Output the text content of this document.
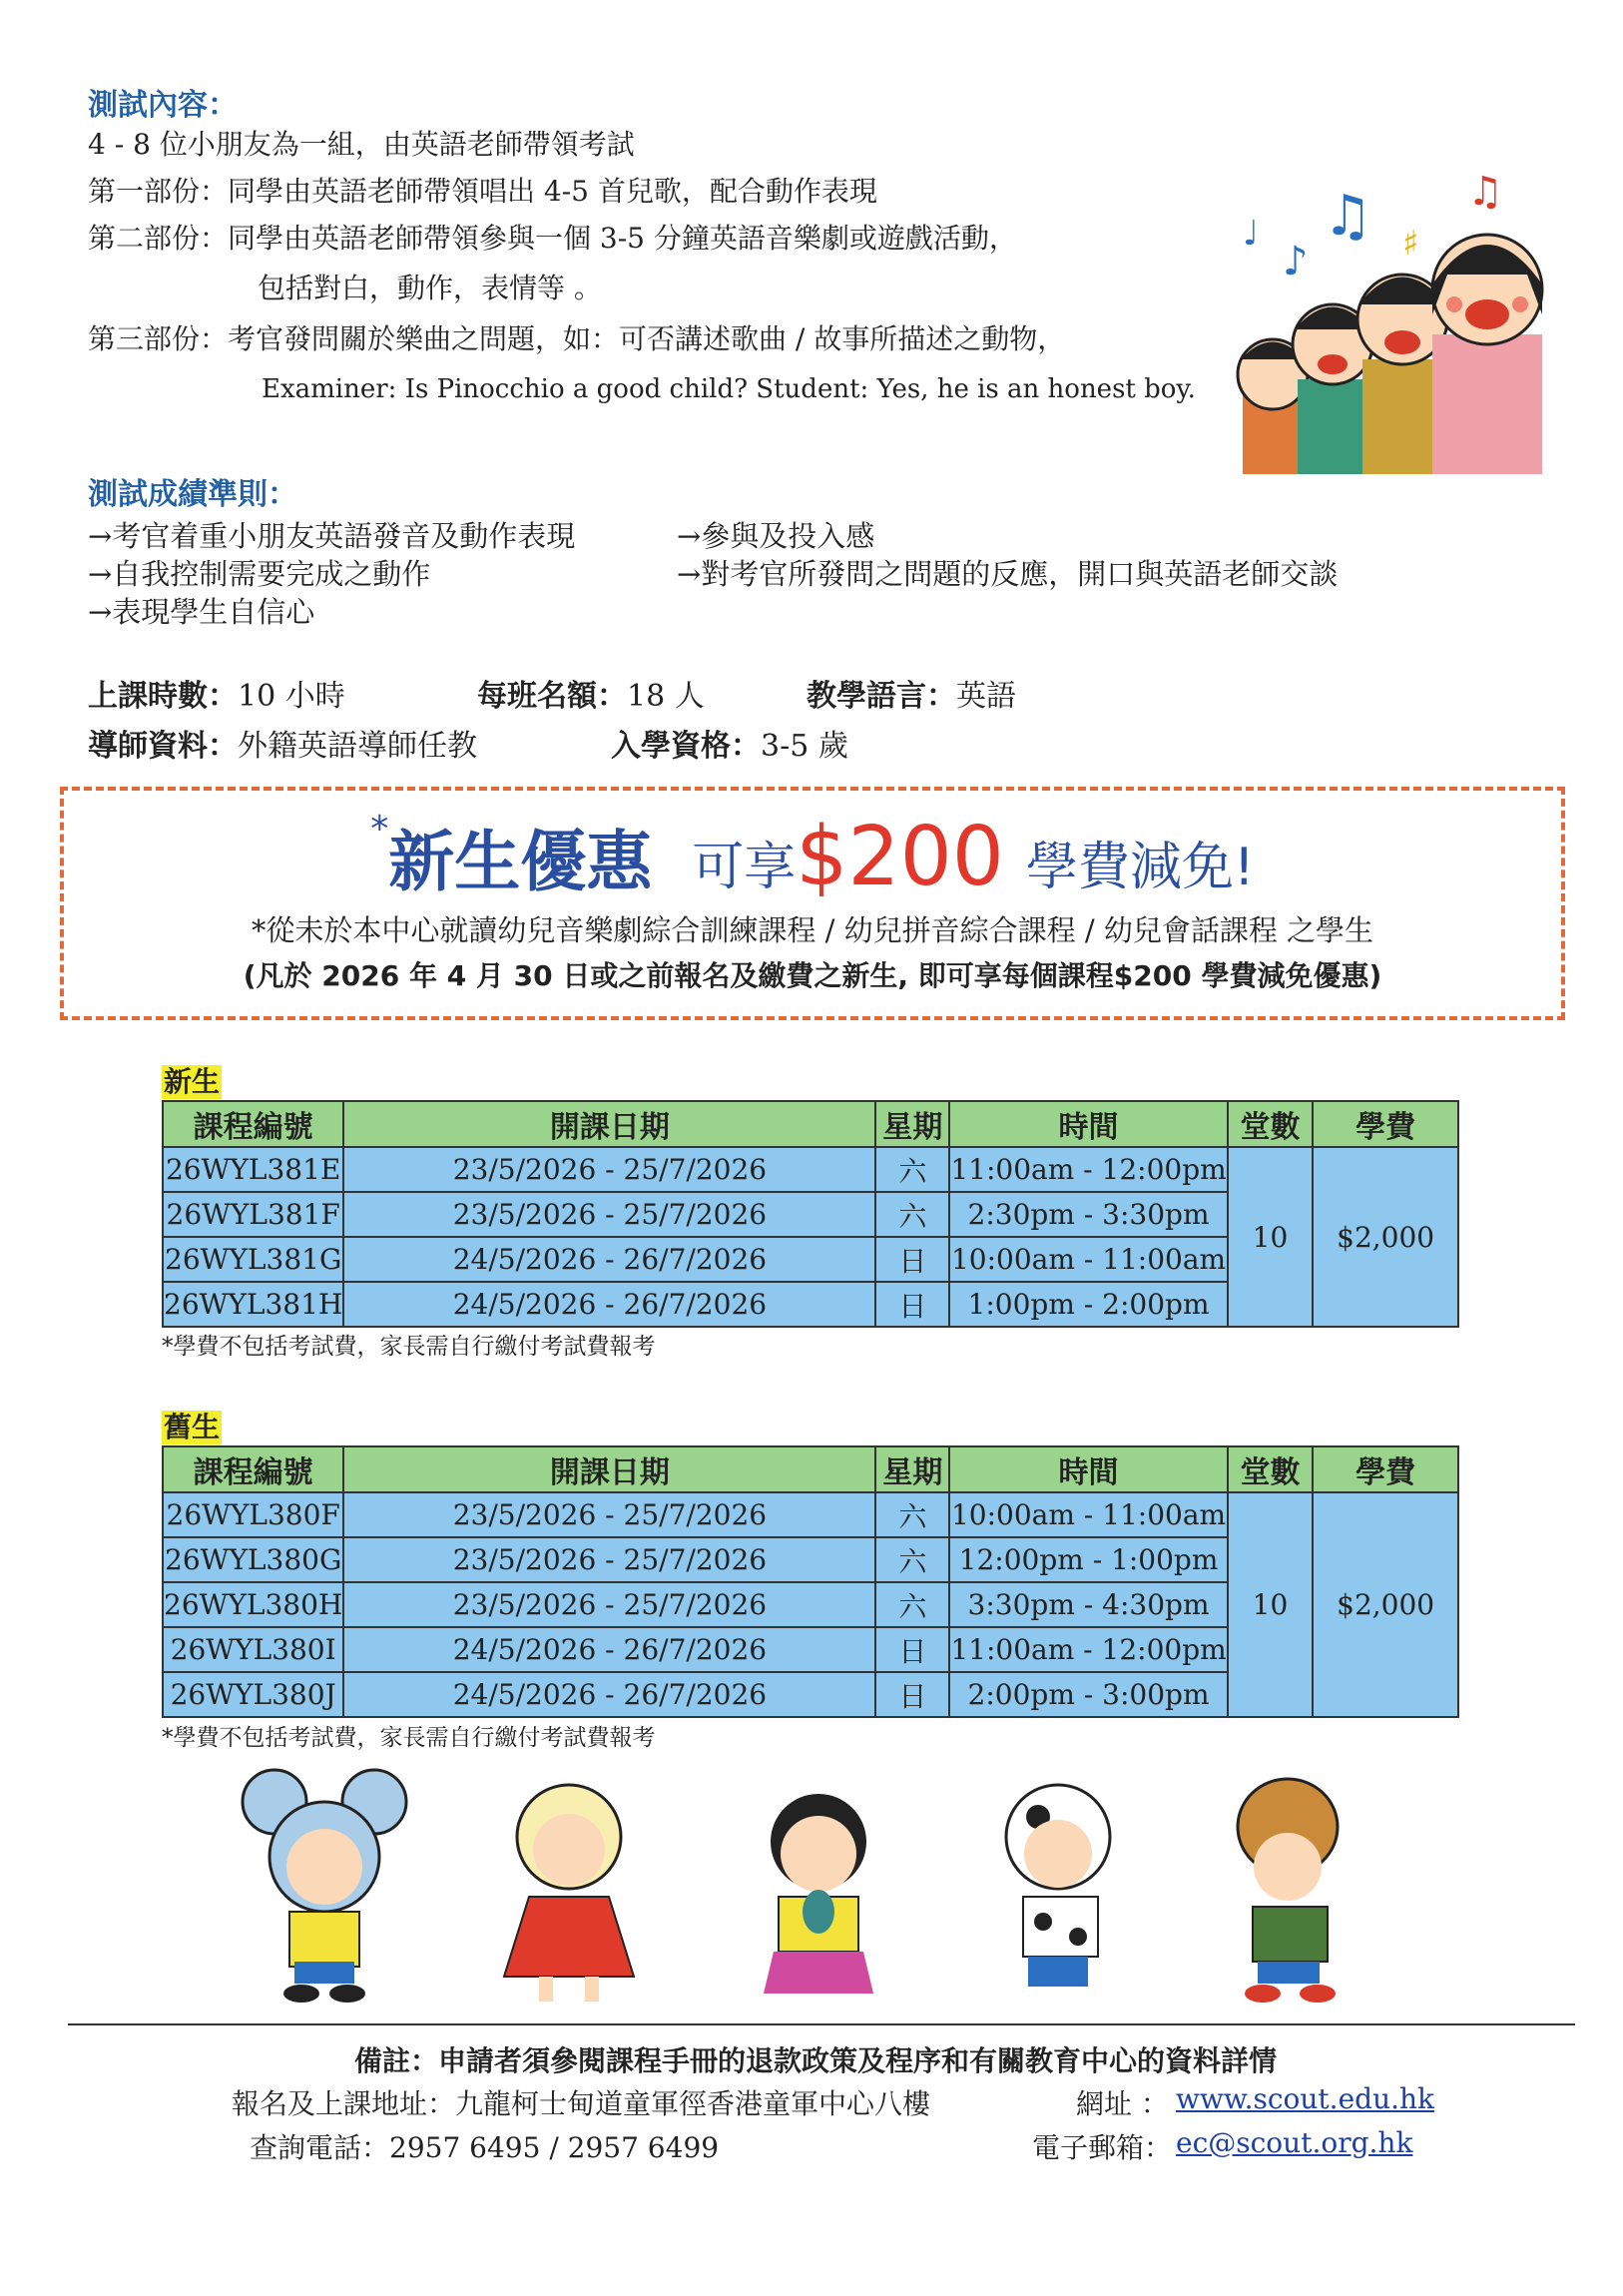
測試內容：
4 - 8 位小朋友為一組，由英語老師帶領考試
第一部份：同學由英語老師帶領唱出 4-5 首兒歌，配合動作表現
第二部份：同學由英語老師帶領參與一個 3-5 分鐘英語音樂劇或遊戲活動，
包括對白，動作，表情等 。
第三部份：考官發問關於樂曲之問題，如：可否講述歌曲 / 故事所描述之動物，
Examiner: Is Pinocchio a good child? Student: Yes, he is an honest boy.
♩
♪
♫ ♯
♫
測試成績準則：
→考官着重小朋友英語發音及動作表現	→參與及投入感
→自我控制需要完成之動作	→對考官所發問之問題的反應，開口與英語老師交談
→表現學生自信心
上課時數：10 小時	每班名額：18 人	教學語言：英語
導師資料：外籍英語導師任教	入學資格：3-5 歲
*新生優惠 可享$200 學費減免!
*從未於本中心就讀幼兒音樂劇綜合訓練課程 / 幼兒拼音綜合課程 / 幼兒會話課程 之學生
(凡於 2026 年 4 月 30 日或之前報名及繳費之新生, 即可享每個課程$200 學費減免優惠)
新生
課程編號	開課日期	星期	時間	堂數	學費
26WYL381E	23/5/2026 - 25/7/2026	六	11:00am - 12:00pm	10	$2,000
26WYL381F	23/5/2026 - 25/7/2026	六	2:30pm - 3:30pm		
26WYL381G	24/5/2026 - 26/7/2026	日	10:00am - 11:00am		
26WYL381H	24/5/2026 - 26/7/2026	日	1:00pm - 2:00pm		
*學費不包括考試費，家長需自行繳付考試費報考
舊生
課程編號	開課日期	星期	時間	堂數	學費
26WYL380F	23/5/2026 - 25/7/2026	六	10:00am - 11:00am	10	$2,000
26WYL380G	23/5/2026 - 25/7/2026	六	12:00pm - 1:00pm		
26WYL380H	23/5/2026 - 25/7/2026	六	3:30pm - 4:30pm		
26WYL380I	24/5/2026 - 26/7/2026	日	11:00am - 12:00pm		
26WYL380J	24/5/2026 - 26/7/2026	日	2:00pm - 3:00pm		
*學費不包括考試費，家長需自行繳付考試費報考
備註：申請者須參閱課程手冊的退款政策及程序和有關教育中心的資料詳情
報名及上課地址：九龍柯士甸道童軍徑香港童軍中心八樓
查詢電話：2957 6495 / 2957 6499
網址 ： www.scout.edu.hk
電子郵箱： ec@scout.org.hk
